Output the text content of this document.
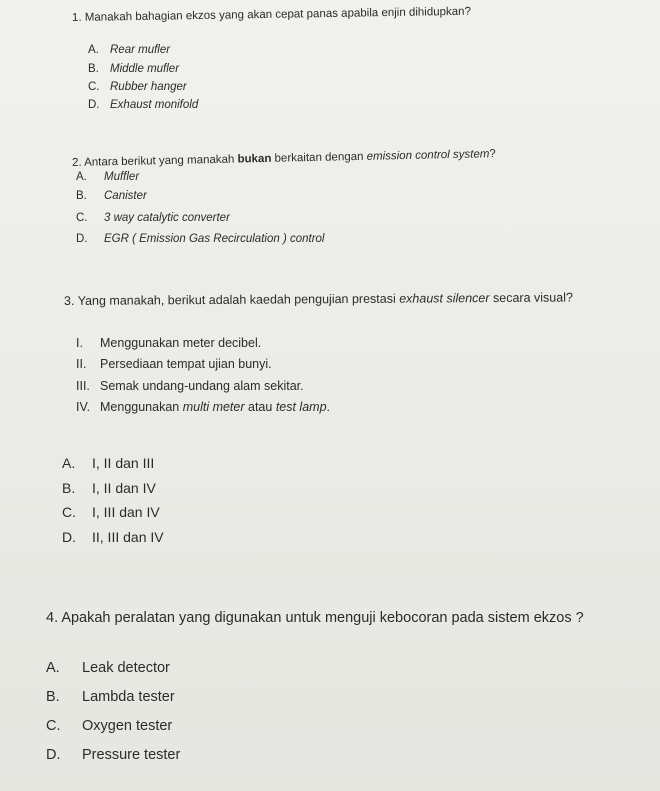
1. Manakah bahagian ekzos yang akan cepat panas apabila enjin dihidupkan?
A. Rear mufler
B. Middle mufler
C. Rubber hanger
D. Exhaust monifold
2. Antara berikut yang manakah bukan berkaitan dengan emission control system?
A. Muffler
B. Canister
C. 3 way catalytic converter
D. EGR ( Emission Gas Recirculation ) control
3. Yang manakah, berikut adalah kaedah pengujian prestasi exhaust silencer secara visual?
I. Menggunakan meter decibel.
II. Persediaan tempat ujian bunyi.
III. Semak undang-undang alam sekitar.
IV. Menggunakan multi meter atau test lamp.
A. I, II dan III
B. I, II dan IV
C. I, III dan IV
D. II, III dan IV
4. Apakah peralatan yang digunakan untuk menguji kebocoran pada sistem ekzos ?
A. Leak detector
B. Lambda tester
C. Oxygen tester
D. Pressure tester
